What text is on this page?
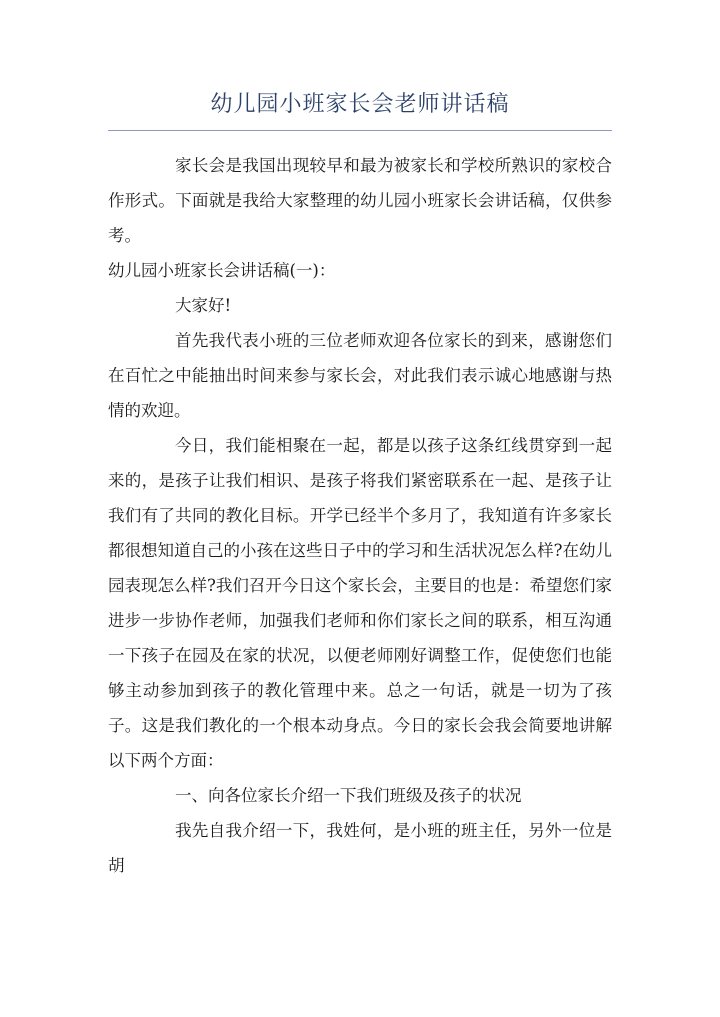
幼儿园小班家长会老师讲话稿

家长会是我国出现较早和最为被家长和学校所熟识的家校合作形式。下面就是我给大家整理的幼儿园小班家长会讲话稿，仅供参考。

幼儿园小班家长会讲话稿(一)：

大家好!

首先我代表小班的三位老师欢迎各位家长的到来，感谢您们在百忙之中能抽出时间来参与家长会，对此我们表示诚心地感谢与热情的欢迎。

今日，我们能相聚在一起，都是以孩子这条红线贯穿到一起来的，是孩子让我们相识、是孩子将我们紧密联系在一起、是孩子让我们有了共同的教化目标。开学已经半个多月了，我知道有许多家长都很想知道自己的小孩在这些日子中的学习和生活状况怎么样?在幼儿园表现怎么样?我们召开今日这个家长会，主要目的也是：希望您们家进步一步协作老师，加强我们老师和你们家长之间的联系，相互沟通一下孩子在园及在家的状况，以便老师刚好调整工作，促使您们也能够主动参加到孩子的教化管理中来。总之一句话，就是一切为了孩子。这是我们教化的一个根本动身点。今日的家长会我会简要地讲解以下两个方面：

一、向各位家长介绍一下我们班级及孩子的状况

我先自我介绍一下，我姓何，是小班的班主任，另外一位是胡
